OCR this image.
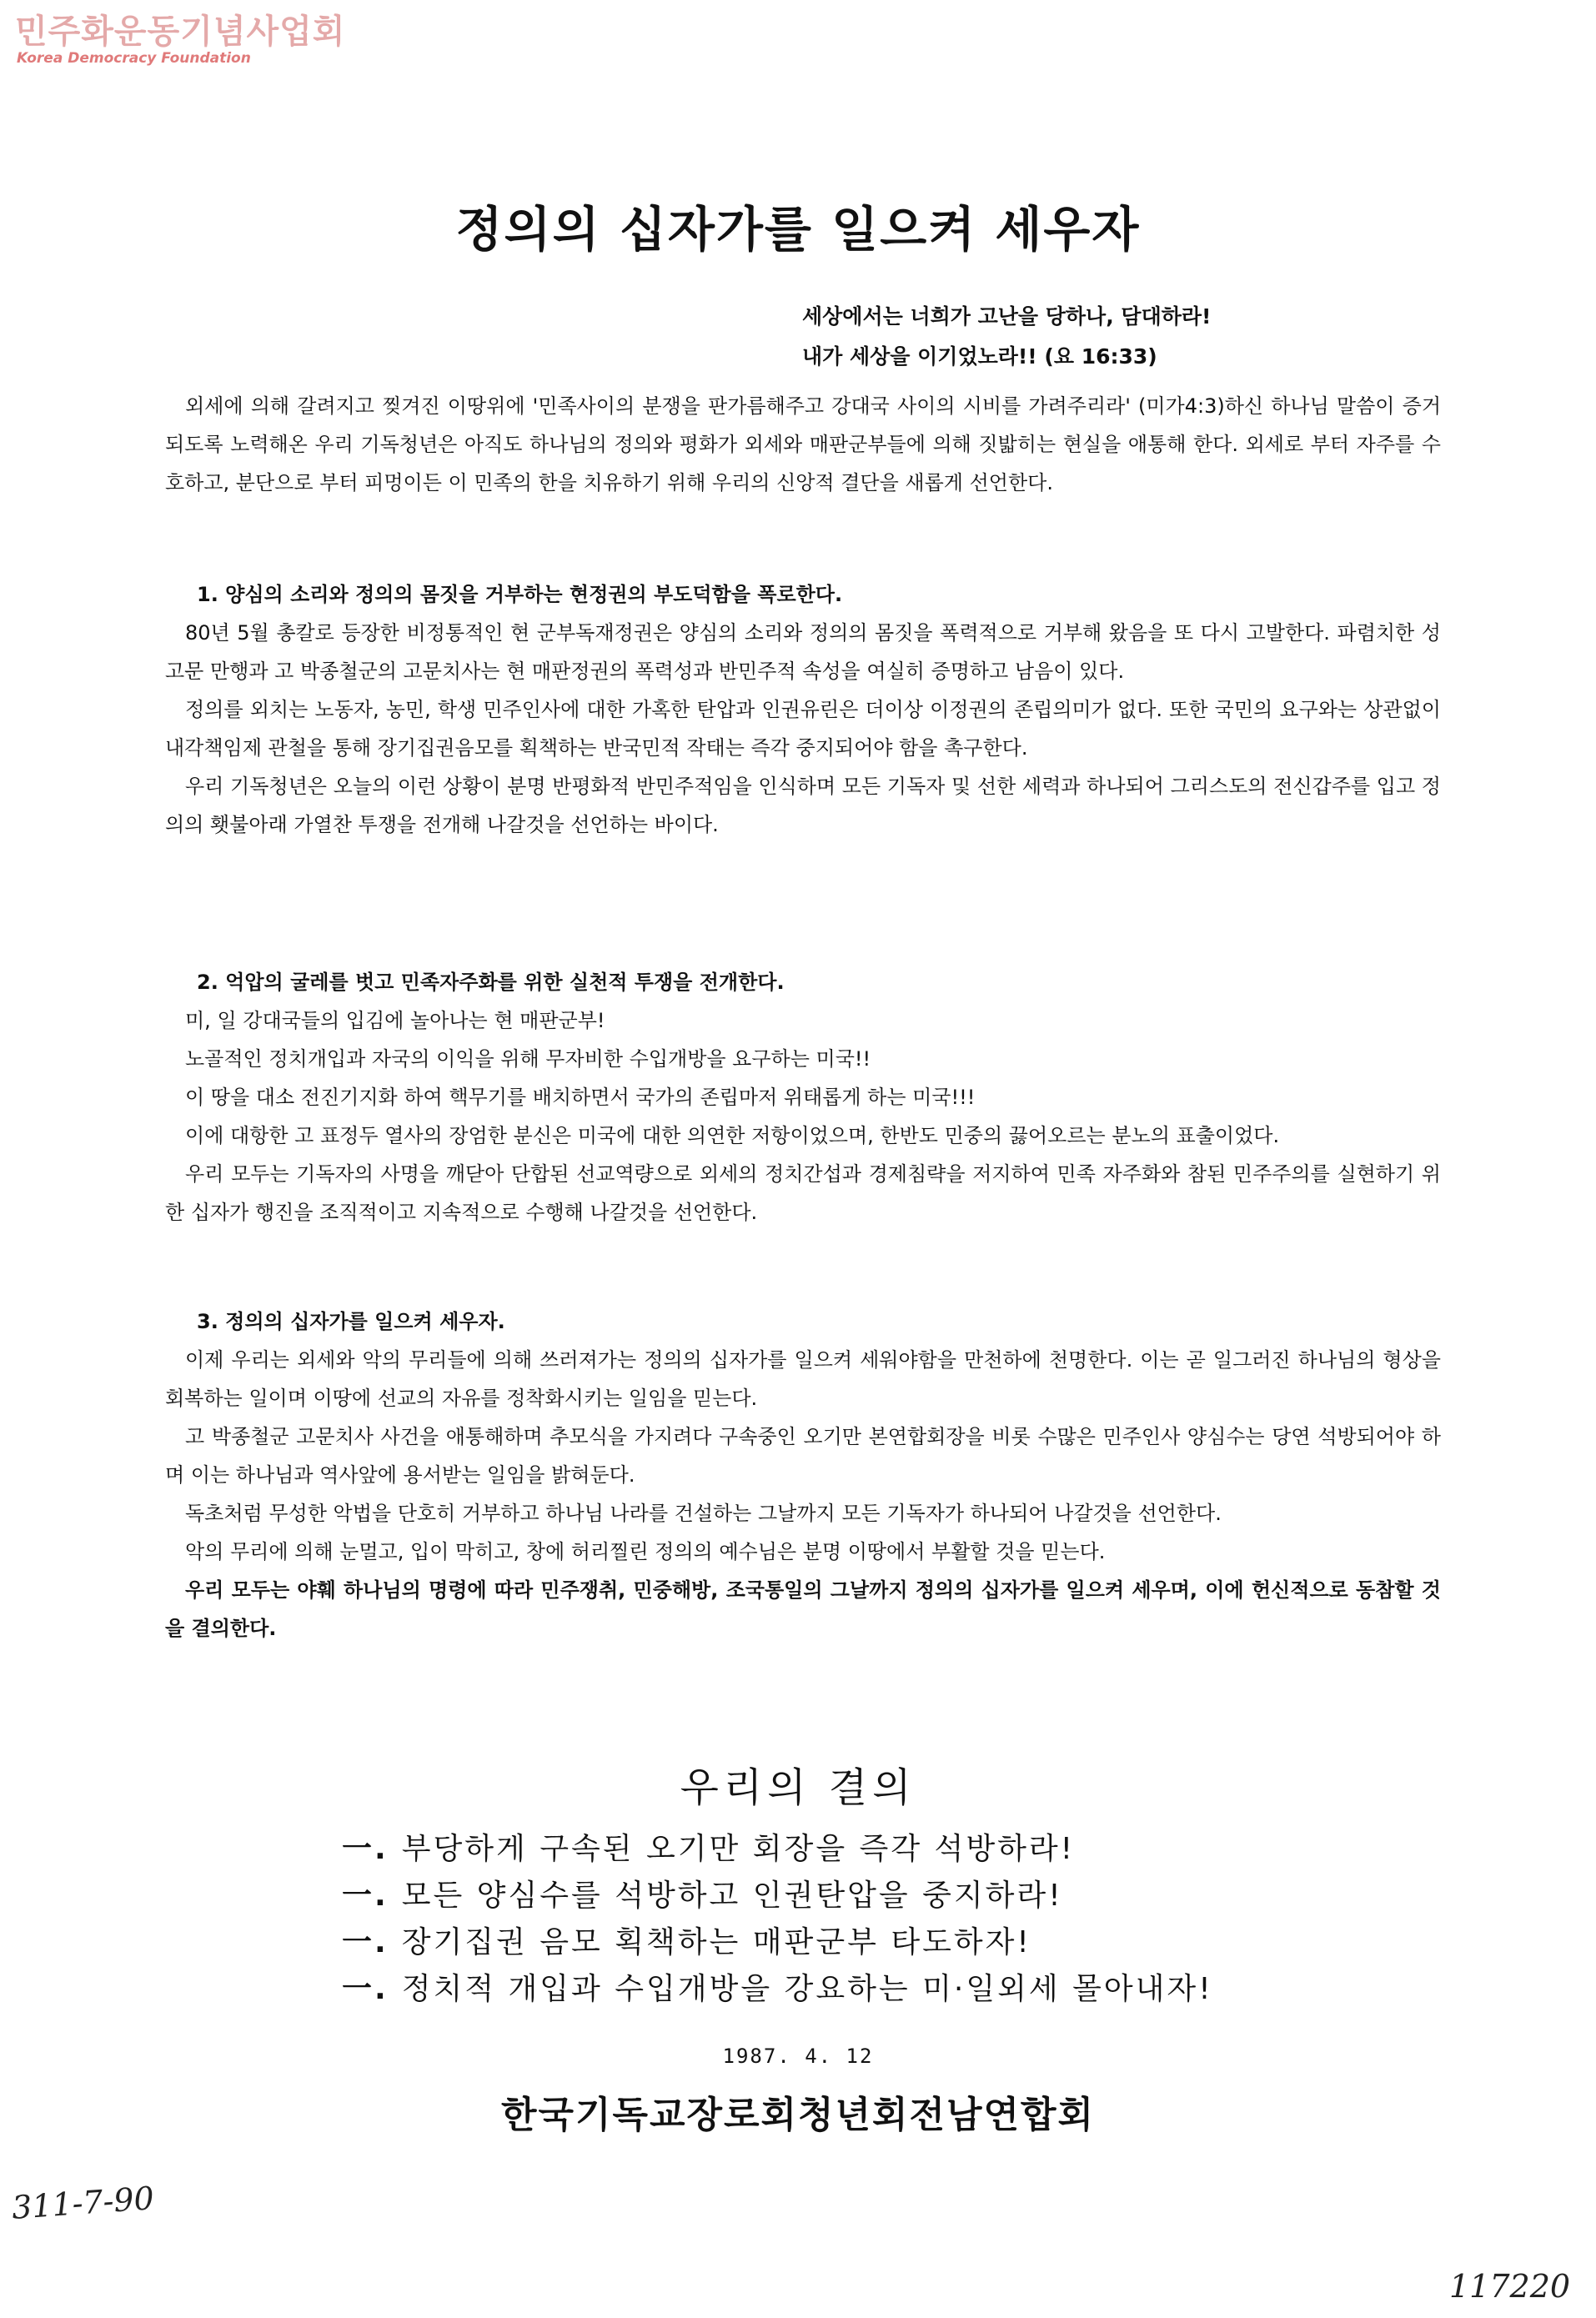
민주화운동기념사업회
Korea Democracy Foundation
정의의 십자가를 일으켜 세우자
세상에서는 너희가 고난을 당하나, 담대하라!
내가 세상을 이기었노라!! (요 16:33)

외세에 의해 갈려지고 찢겨진 이땅위에 '민족사이의 분쟁을 판가름해주고 강대국 사이의 시비를 가려주리라' (미가4:3)하신 하나님 말씀이 증거되도록 노력해온 우리 기독청년은 아직도 하나님의 정의와 평화가 외세와 매판군부들에 의해 짓밟히는 현실을 애통해 한다. 외세로 부터 자주를 수호하고, 분단으로 부터 피멍이든 이 민족의 한을 치유하기 위해 우리의 신앙적 결단을 새롭게 선언한다.

1. 양심의 소리와 정의의 몸짓을 거부하는 현정권의 부도덕함을 폭로한다.

80년 5월 총칼로 등장한 비정통적인 현 군부독재정권은 양심의 소리와 정의의 몸짓을 폭력적으로 거부해 왔음을 또 다시 고발한다. 파렴치한 성고문 만행과 고 박종철군의 고문치사는 현 매판정권의 폭력성과 반민주적 속성을 여실히 증명하고 남음이 있다.

정의를 외치는 노동자, 농민, 학생 민주인사에 대한 가혹한 탄압과 인권유린은 더이상 이정권의 존립의미가 없다. 또한 국민의 요구와는 상관없이 내각책임제 관철을 통해 장기집권음모를 획책하는 반국민적 작태는 즉각 중지되어야 함을 촉구한다.

우리 기독청년은 오늘의 이런 상황이 분명 반평화적 반민주적임을 인식하며 모든 기독자 및 선한 세력과 하나되어 그리스도의 전신갑주를 입고 정의의 횃불아래 가열찬 투쟁을 전개해 나갈것을 선언하는 바이다.

2. 억압의 굴레를 벗고 민족자주화를 위한 실천적 투쟁을 전개한다.

미, 일 강대국들의 입김에 놀아나는 현 매판군부!

노골적인 정치개입과 자국의 이익을 위해 무자비한 수입개방을 요구하는 미국!!

이 땅을 대소 전진기지화 하여 핵무기를 배치하면서 국가의 존립마저 위태롭게 하는 미국!!!

이에 대항한 고 표정두 열사의 장엄한 분신은 미국에 대한 의연한 저항이었으며, 한반도 민중의 끓어오르는 분노의 표출이었다.

우리 모두는 기독자의 사명을 깨닫아 단합된 선교역량으로 외세의 정치간섭과 경제침략을 저지하여 민족 자주화와 참된 민주주의를 실현하기 위한 십자가 행진을 조직적이고 지속적으로 수행해 나갈것을 선언한다.

3. 정의의 십자가를 일으켜 세우자.

이제 우리는 외세와 악의 무리들에 의해 쓰러져가는 정의의 십자가를 일으켜 세워야함을 만천하에 천명한다. 이는 곧 일그러진 하나님의 형상을 회복하는 일이며 이땅에 선교의 자유를 정착화시키는 일임을 믿는다.

고 박종철군 고문치사 사건을 애통해하며 추모식을 가지려다 구속중인 오기만 본연합회장을 비롯 수많은 민주인사 양심수는 당연 석방되어야 하며 이는 하나님과 역사앞에 용서받는 일임을 밝혀둔다.

독초처럼 무성한 악법을 단호히 거부하고 하나님 나라를 건설하는 그날까지 모든 기독자가 하나되어 나갈것을 선언한다.

악의 무리에 의해 눈멀고, 입이 막히고, 창에 허리찔린 정의의 예수님은 분명 이땅에서 부활할 것을 믿는다.

우리 모두는 야훼 하나님의 명령에 따라 민주쟁취, 민중해방, 조국통일의 그날까지 정의의 십자가를 일으켜 세우며, 이에 헌신적으로 동참할 것을 결의한다.

우리의 결의
一. 부당하게 구속된 오기만 회장을 즉각 석방하라!
一. 모든 양심수를 석방하고 인권탄압을 중지하라!
一. 장기집권 음모 획책하는 매판군부 타도하자!
一. 정치적 개입과 수입개방을 강요하는 미·일외세 몰아내자!
1987. 4. 12
한국기독교장로회청년회전남연합회
311-7-90
117220
